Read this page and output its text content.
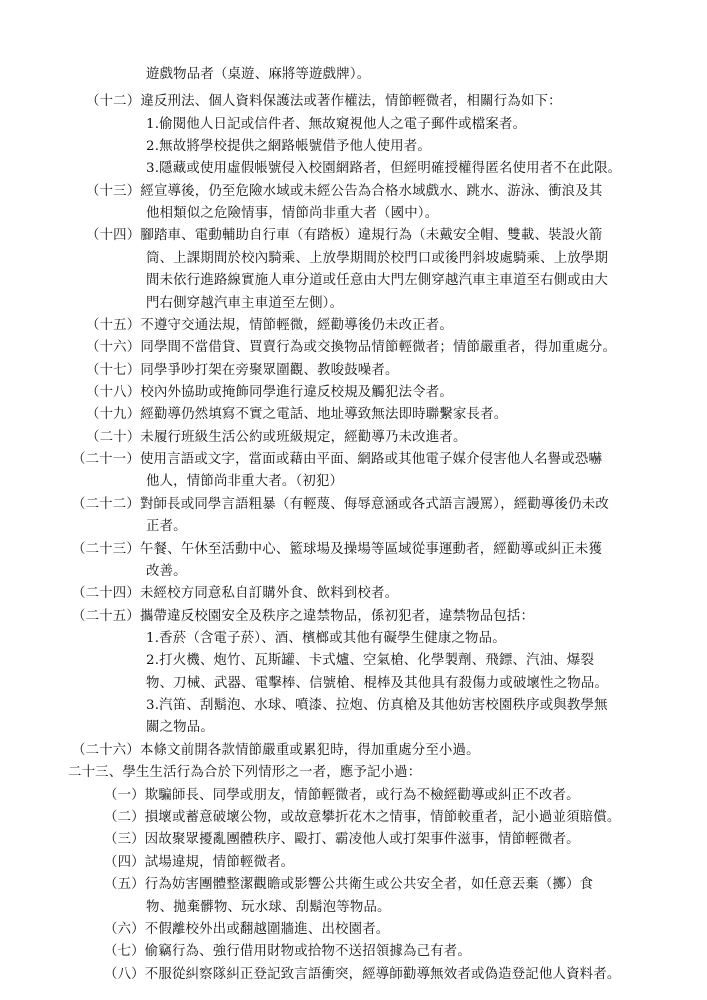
遊戲物品者（桌遊、麻將等遊戲牌）。
（十二）違反刑法、個人資料保護法或著作權法，情節輕微者，相關行為如下：
1.偷閱他人日記或信件者、無故窺視他人之電子郵件或檔案者。
2.無故將學校提供之網路帳號借予他人使用者。
3.隱藏或使用虛假帳號侵入校園網路者，但經明確授權得匿名使用者不在此限。
（十三）經宣導後，仍至危險水域或未經公告為合格水域戲水、跳水、游泳、衝浪及其
他相類似之危險情事，情節尚非重大者（國中）。
（十四）腳踏車、電動輔助自行車（有踏板）違規行為（未戴安全帽、雙載、裝設火箭
筒、上課期間於校內騎乘、上放學期間於校門口或後門斜坡處騎乘、上放學期
間未依行進路線實施人車分道或任意由大門左側穿越汽車主車道至右側或由大
門右側穿越汽車主車道至左側）。
（十五）不遵守交通法規，情節輕微，經勸導後仍未改正者。
（十六）同學間不當借貸、買賣行為或交換物品情節輕微者；情節嚴重者，得加重處分。
（十七）同學爭吵打架在旁聚眾圍觀、教唆鼓噪者。
（十八）校內外協助或掩飾同學進行違反校規及觸犯法令者。
（十九）經勸導仍然填寫不實之電話、地址導致無法即時聯繫家長者。
（二十）未履行班級生活公約或班級規定，經勸導乃未改進者。
（二十一）使用言語或文字，當面或藉由平面、網路或其他電子媒介侵害他人名譽或恐嚇
他人，情節尚非重大者。（初犯）
（二十二）對師長或同學言語粗暴（有輕蔑、侮辱意涵或各式語言謾罵），經勸導後仍未改
正者。
（二十三）午餐、午休至活動中心、籃球場及操場等區域從事運動者，經勸導或糾正未獲
改善。
（二十四）未經校方同意私自訂購外食、飲料到校者。
（二十五）攜帶違反校園安全及秩序之違禁物品，係初犯者，違禁物品包括：
1.香菸（含電子菸）、酒、檳榔或其他有礙學生健康之物品。
2.打火機、炮竹、瓦斯罐、卡式爐、空氣槍、化學製劑、飛鏢、汽油、爆裂
物、刀械、武器、電擊棒、信號槍、棍棒及其他具有殺傷力或破壞性之物品。
3.汽笛、刮鬍泡、水球、噴漆、拉炮、仿真槍及其他妨害校園秩序或與教學無
關之物品。
（二十六）本條文前開各款情節嚴重或累犯時，得加重處分至小過。
二十三、學生生活行為合於下列情形之一者，應予記小過：
（一）欺騙師長、同學或朋友，情節輕微者，或行為不檢經勸導或糾正不改者。
（二）損壞或蓄意破壞公物，或故意攀折花木之情事，情節較重者，記小過並須賠償。
（三）因故聚眾擾亂團體秩序、毆打、霸凌他人或打架事件滋事，情節輕微者。
（四）試場違規，情節輕微者。
（五）行為妨害團體整潔觀瞻或影響公共衛生或公共安全者，如任意丟棄（擲）食
物、拋棄髒物、玩水球、刮鬍泡等物品。
（六）不假離校外出或翻越圍牆進、出校園者。
（七）偷竊行為、強行借用財物或拾物不送招領據為己有者。
（八）不服從糾察隊糾正登記致言語衝突，經導師勸導無效者或偽造登記他人資料者。
